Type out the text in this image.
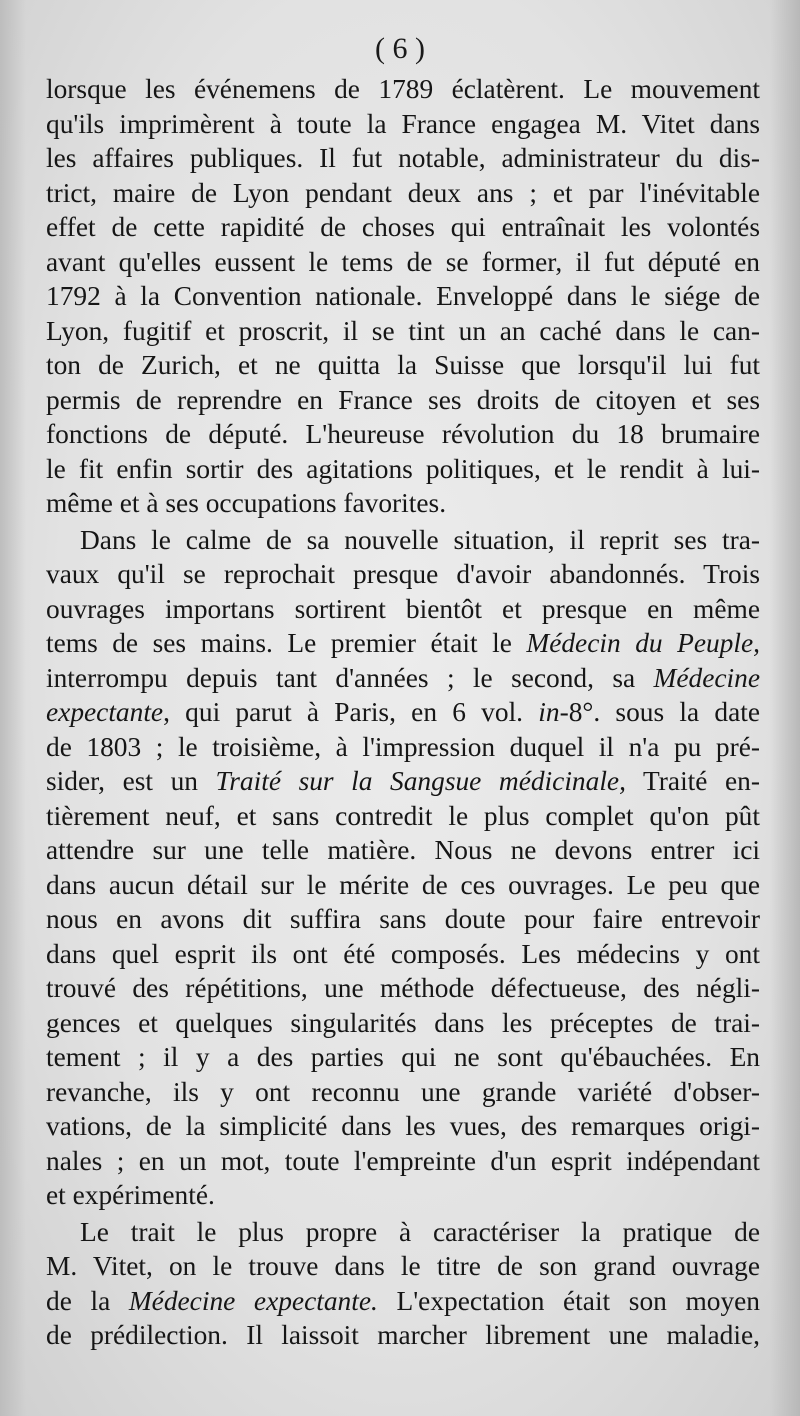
( 6 )
lorsque les événemens de 1789 éclatèrent. Le mouvement
qu'ils imprimèrent à toute la France engagea M. Vitet dans
les affaires publiques. Il fut notable, administrateur du dis-
trict, maire de Lyon pendant deux ans ; et par l'inévitable
effet de cette rapidité de choses qui entraînait les volontés
avant qu'elles eussent le tems de se former, il fut député en
1792 à la Convention nationale. Enveloppé dans le siége de
Lyon, fugitif et proscrit, il se tint un an caché dans le can-
ton de Zurich, et ne quitta la Suisse que lorsqu'il lui fut
permis de reprendre en France ses droits de citoyen et ses
fonctions de député. L'heureuse révolution du 18 brumaire
le fit enfin sortir des agitations politiques, et le rendit à lui-
même et à ses occupations favorites.
Dans le calme de sa nouvelle situation, il reprit ses tra-
vaux qu'il se reprochait presque d'avoir abandonnés. Trois
ouvrages importans sortirent bientôt et presque en même
tems de ses mains. Le premier était le Médecin du Peuple,
interrompu depuis tant d'années ; le second, sa Médecine
expectante, qui parut à Paris, en 6 vol. in-8°. sous la date
de 1803 ; le troisième, à l'impression duquel il n'a pu pré-
sider, est un Traité sur la Sangsue médicinale, Traité en-
tièrement neuf, et sans contredit le plus complet qu'on pût
attendre sur une telle matière. Nous ne devons entrer ici
dans aucun détail sur le mérite de ces ouvrages. Le peu que
nous en avons dit suffira sans doute pour faire entrevoir
dans quel esprit ils ont été composés. Les médecins y ont
trouvé des répétitions, une méthode défectueuse, des négli-
gences et quelques singularités dans les préceptes de trai-
tement ; il y a des parties qui ne sont qu'ébauchées. En
revanche, ils y ont reconnu une grande variété d'obser-
vations, de la simplicité dans les vues, des remarques origi-
nales ; en un mot, toute l'empreinte d'un esprit indépendant
et expérimenté.
Le trait le plus propre à caractériser la pratique de
M. Vitet, on le trouve dans le titre de son grand ouvrage
de la Médecine expectante. L'expectation était son moyen
de prédilection. Il laissoit marcher librement une maladie,
